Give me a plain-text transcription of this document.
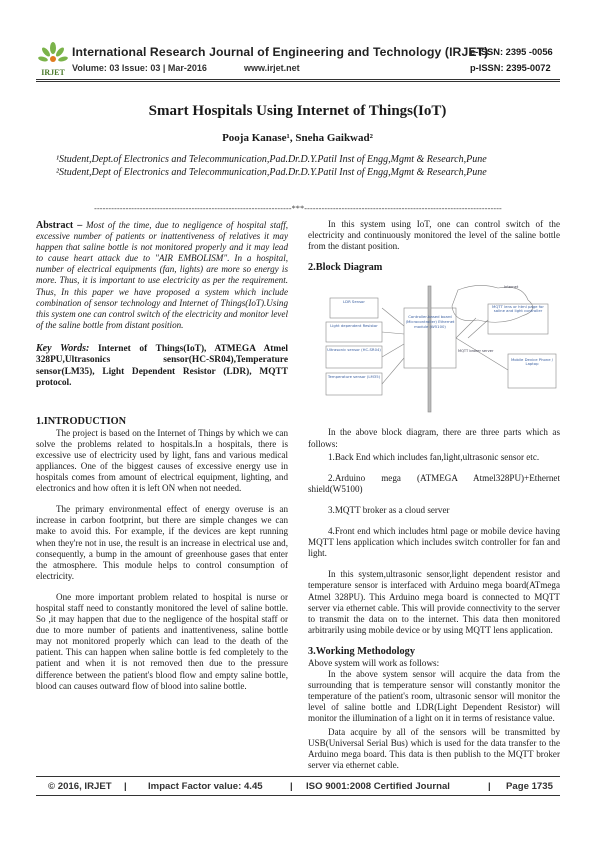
IRJET
International Research Journal of Engineering and Technology (IRJET)
Volume: 03 Issue: 03 | Mar-2016	www.irjet.net
e-ISSN: 2395 -0056
p-ISSN: 2395-0072
Smart Hospitals Using Internet of Things(IoT)
Pooja Kanase¹, Sneha Gaikwad²
¹Student,Dept.of Electronics and Telecommunication,Pad.Dr.D.Y.Patil Inst of Engg,Mgmt & Research,Pune
²Student,Dept of Electronics and Telecommunication,Pad.Dr.D.Y.Patil Inst of Engg,Mgmt & Research,Pune
---------------------------------------------------------------------***---------------------------------------------------------------------

Abstract – Most of the time, due to negligence of hospital staff, excessive number of patients or inattentiveness of relatives it may happen that saline bottle is not monitored properly and it may lead to cause heart attack due to "AIR EMBOLISM". In a hospital, number of electrical equipments (fan, lights) are more so energy is more. Thus, it is important to use electricity as per the requirement. Thus, In this paper we have proposed a system which include combination of sensor technology and Internet of Things(IoT).Using this system one can control switch of the electricity and monitor level of the saline bottle from distant position.

Key Words: Internet of Things(IoT), ATMEGA Atmel 328PU,Ultrasonics sensor(HC-SR04),Temperature sensor(LM35), Light Dependent Resistor (LDR), MQTT protocol.

1.INTRODUCTION

The project is based on the Internet of Things by which we can solve the problems related to hospitals.In a hospitals, there is excessive use of electricity used by light, fans and various medical appliances. One of the biggest causes of excessive energy use in hospitals comes from amount of electrical equipment, lighting, and electronics and how often it is left ON when not needed.

The primary environmental effect of energy overuse is an increase in carbon footprint, but there are simple changes we can make to avoid this. For example, if the devices are kept running when they're not in use, the result is an increase in electrical use and, consequently, a bump in the amount of greenhouse gases that enter the atmosphere. This module helps to control consumption of electricity.

One more important problem related to hospital is nurse or hospital staff need to constantly monitored the level of saline bottle. So ,it may happen that due to the negligence of the hospital staff or due to more number of patients and inattentiveness, saline bottle may not monitored properly which can lead to the death of the patient. This can happen when saline bottle is fed completely to the patient and when it is not removed then due to the pressure difference between the patient's blood flow and empty saline bottle, blood can causes outward flow of blood into saline bottle.

In this system using IoT, one can control switch of the electricity and continuously monitored the level of the saline bottle from the distant position.

2.Block Diagram

Internet
MQTT lens or html page for saline and light controller
Mobile Device Phone / Laptop
LDR Sensor
Light dependent Resistor
Ultrasonic sensor (HC-SR04)
Temperature sensor (LM35)
Controller-based board (Microcontroller) Ethernet module (W5100)
MQTT broker server

In the above block diagram, there are three parts which as follows:

1.Back End which includes fan,light,ultrasonic sensor etc.

2.Arduino mega (ATMEGA Atmel328PU)+Ethernet shield(W5100)

3.MQTT broker as a cloud server

4.Front end which includes html page or mobile device having MQTT lens application which includes switch controller for fan and light.

In this system,ultrasonic sensor,light dependent resistor and temperature sensor is interfaced with Arduino mega board(ATmega Atmel 328PU). This Arduino mega board is connected to MQTT server via ethernet cable. This will provide connectivity to the server to transmit the data on to the internet. This data then monitored arbitrarily using mobile device or by using MQTT lens application.

3.Working Methodology

Above system will work as follows:

In the above system sensor will acquire the data from the surrounding that is temperature sensor will constantly monitor the temperature of the patient's room, ultrasonic sensor will monitor the level of saline bottle and LDR(Light Dependent Resistor) will monitor the illumination of a light on it in terms of resistance value.

Data acquire by all of the sensors will be transmitted by USB(Universal Serial Bus) which is used for the data transfer to the Arduino mega board. This data is then publish to the MQTT broker server via ethernet cable.

© 2016, IRJET | Impact Factor value: 4.45	| ISO 9001:2008 Certified Journal	| Page 1735
